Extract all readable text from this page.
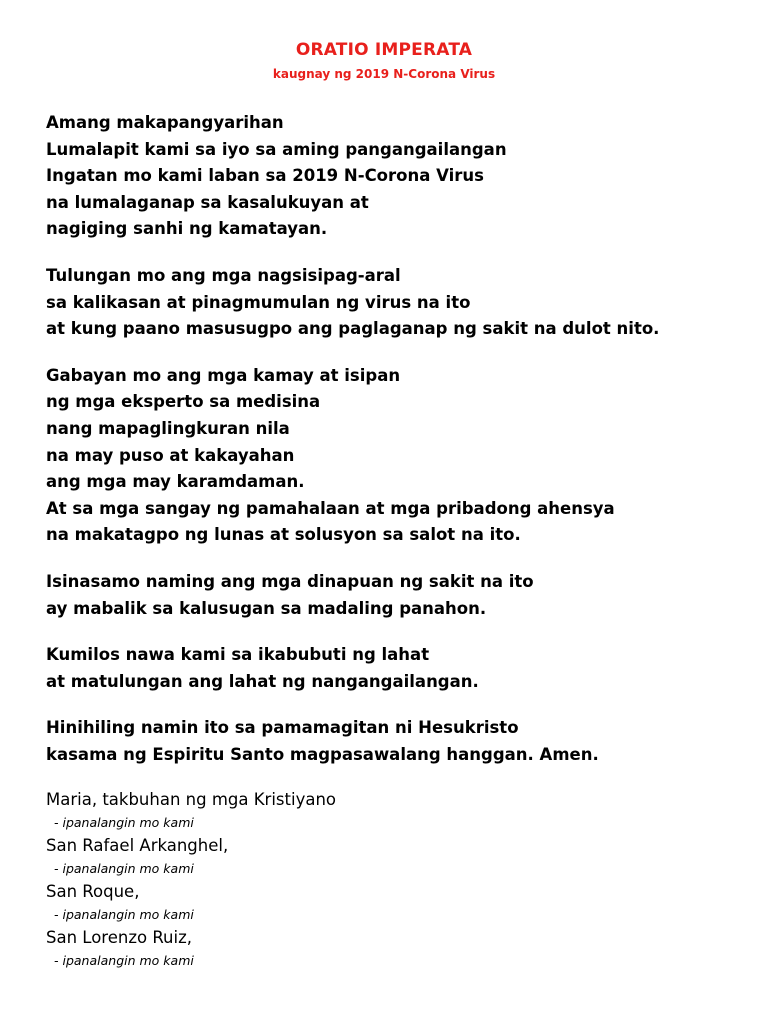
ORATIO IMPERATA
kaugnay ng 2019 N-Corona Virus
Amang makapangyarihan
Lumalapit kami sa iyo sa aming pangangailangan
Ingatan mo kami laban sa 2019 N-Corona Virus
na lumalaganap sa kasalukuyan at
nagiging sanhi ng kamatayan.
Tulungan mo ang mga nagsisipag-aral
sa kalikasan at pinagmumulan ng virus na ito
at kung paano masusugpo ang paglaganap ng sakit na dulot nito.
Gabayan mo ang mga kamay at isipan
ng mga eksperto sa medisina
nang mapaglingkuran nila
na may puso at kakayahan
ang mga may karamdaman.
At sa mga sangay ng pamahalaan at mga pribadong ahensya
na makatagpo ng lunas at solusyon sa salot na ito.
Isinasamo naming ang mga dinapuan ng sakit na ito
ay mabalik sa kalusugan sa madaling panahon.
Kumilos nawa kami sa ikabubuti ng lahat
at matulungan ang lahat ng nangangailangan.
Hinihiling namin ito sa pamamagitan ni Hesukristo
kasama ng Espiritu Santo magpasawalang hanggan. Amen.
Maria, takbuhan ng mga Kristiyano
- ipanalangin mo kami
San Rafael Arkanghel,
- ipanalangin mo kami
San Roque,
- ipanalangin mo kami
San Lorenzo Ruiz,
- ipanalangin mo kami
